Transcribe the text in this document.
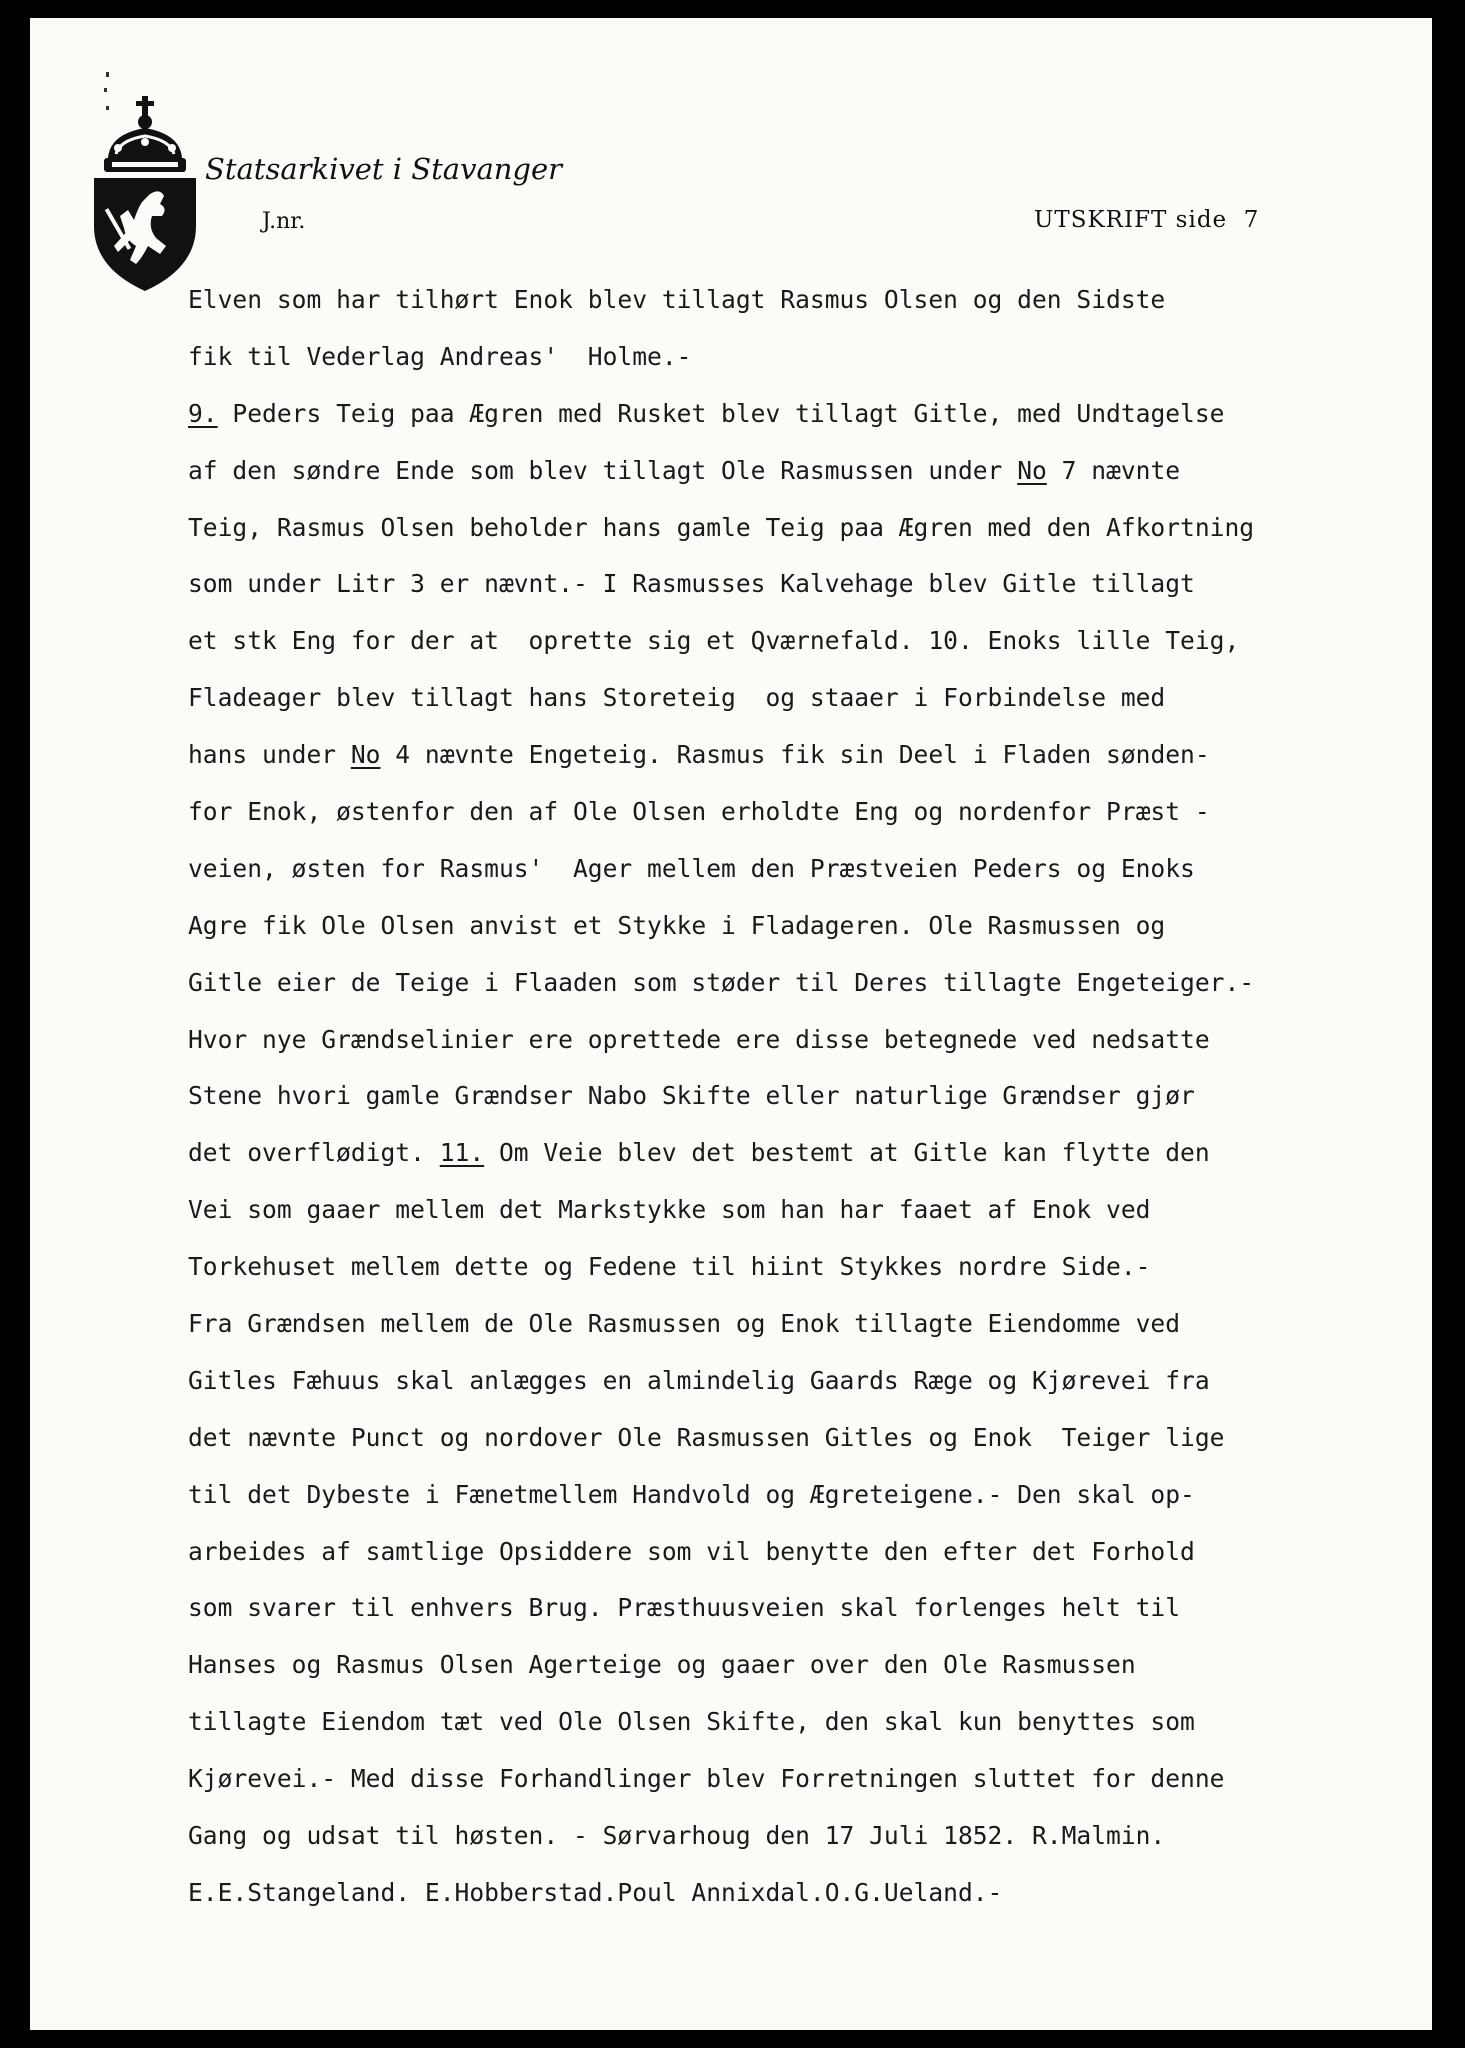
Statsarkivet i Stavanger
J.nr.	UTSKRIFT side 7
Elven som har tilhørt Enok blev tillagt Rasmus Olsen og den Sidste
fik til Vederlag Andreas'  Holme.-
9. Peders Teig paa Ægren med Rusket blev tillagt Gitle, med Undtagelse
af den søndre Ende som blev tillagt Ole Rasmussen under No 7 nævnte
Teig, Rasmus Olsen beholder hans gamle Teig paa Ægren med den Afkortning
som under Litr 3 er nævnt.- I Rasmusses Kalvehage blev Gitle tillagt
et stk Eng for der at  oprette sig et Qværnefald. 10. Enoks lille Teig,
Fladeager blev tillagt hans Storeteig  og staaer i Forbindelse med
hans under No 4 nævnte Engeteig. Rasmus fik sin Deel i Fladen sønden-
for Enok, østenfor den af Ole Olsen erholdte Eng og nordenfor Præst -
veien, østen for Rasmus'  Ager mellem den Præstveien Peders og Enoks
Agre fik Ole Olsen anvist et Stykke i Fladageren. Ole Rasmussen og
Gitle eier de Teige i Flaaden som støder til Deres tillagte Engeteiger.-
Hvor nye Grændselinier ere oprettede ere disse betegnede ved nedsatte
Stene hvori gamle Grændser Nabo Skifte eller naturlige Grændser gjør
det overflødigt. 11. Om Veie blev det bestemt at Gitle kan flytte den
Vei som gaaer mellem det Markstykke som han har faaet af Enok ved
Torkehuset mellem dette og Fedene til hiint Stykkes nordre Side.-
Fra Grændsen mellem de Ole Rasmussen og Enok tillagte Eiendomme ved
Gitles Fæhuus skal anlægges en almindelig Gaards Ræge og Kjørevei fra
det nævnte Punct og nordover Ole Rasmussen Gitles og Enok  Teiger lige
til det Dybeste i Fænetmellem Handvold og Ægreteigene.- Den skal op-
arbeides af samtlige Opsiddere som vil benytte den efter det Forhold
som svarer til enhvers Brug. Præsthuusveien skal forlenges helt til
Hanses og Rasmus Olsen Agerteige og gaaer over den Ole Rasmussen
tillagte Eiendom tæt ved Ole Olsen Skifte, den skal kun benyttes som
Kjørevei.- Med disse Forhandlinger blev Forretningen sluttet for denne
Gang og udsat til høsten. - Sørvarhoug den 17 Juli 1852. R.Malmin.
E.E.Stangeland. E.Hobberstad.Poul Annixdal.O.G.Ueland.-
